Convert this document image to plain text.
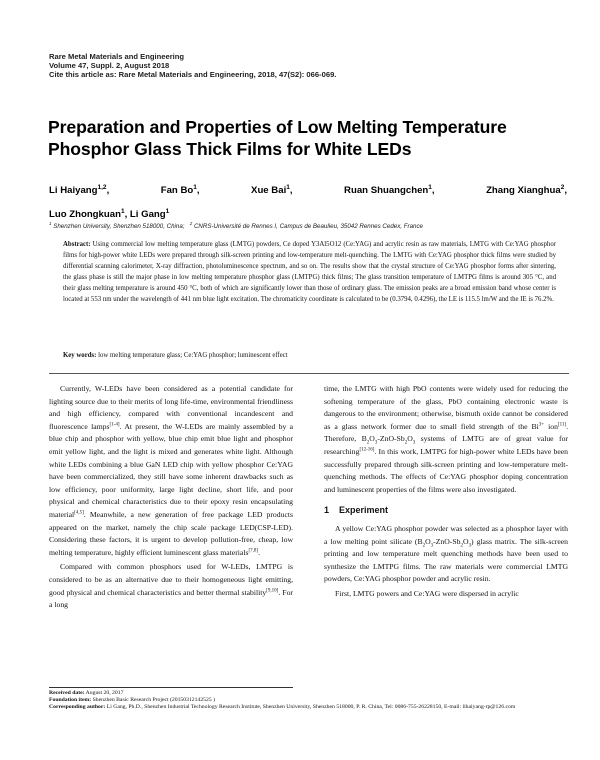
Rare Metal Materials and Engineering
Volume 47, Suppl. 2, August 2018
Cite this article as: Rare Metal Materials and Engineering, 2018, 47(S2): 066-069.
Preparation and Properties of Low Melting Temperature Phosphor Glass Thick Films for White LEDs
Li Haiyang$^{1,2}$,	Fan Bo$^1$,	Xue Bai$^1$,	Ruan Shuangchen$^1$,	Zhang Xianghua$^2$,
Luo Zhongkuan$^1$, Li Gang$^1$
$^1$ Shenzhen University, Shenzhen 518000, China; $^2$ CNRS-Université de Rennes I, Campus de Beaulieu, 35042 Rennes Cedex, France
Abstract: Using commercial low melting temperature glass (LMTG) powders, Ce doped Y3Al5O12 (Ce:YAG) and acrylic resin as raw materials, LMTG with Ce:YAG phosphor films for high-power white LEDs were prepared through silk-screen printing and low-temperature melt-quenching. The LMTG with Ce:YAG phosphor thick films were studied by differential scanning calorimeter, X-ray diffraction, photoluminescence spectrum, and so on. The results show that the crystal structure of Ce:YAG phosphor forms after sintering, the glass phase is still the major phase in low melting temperature phosphor glass (LMTPG) thick films; The glass transition temperature of LMTPG films is around 305 °C, and their glass melting temperature is around 450 °C, both of which are significantly lower than those of ordinary glass. The emission peaks are a broad emission band whose center is located at 553 nm under the wavelength of 441 nm blue light excitation. The chromaticity coordinate is calculated to be (0.3794, 0.4296), the LE is 115.5 lm/W and the IE is 76.2%.
Key words: low melting temperature glass; Ce:YAG phosphor; luminescent effect

Currently, W-LEDs have been considered as a potential candidate for lighting source due to their merits of long life-time, environmental friendliness and high efficiency, compared with conventional incandescent and fluorescence lamps[1-4]. At present, the W-LEDs are mainly assembled by a blue chip and phosphor with yellow, blue chip emit blue light and phosphor emit yellow light, and the light is mixed and generates white light. Although white LEDs combining a blue GaN LED chip with yellow phosphor Ce:YAG have been commercialized, they still have some inherent drawbacks such as low efficiency, poor uniformity, large light decline, short life, and poor physical and chemical characteristics due to their epoxy resin encapsulating material[4,5]. Meanwhile, a new generation of free package LED products appeared on the market, namely the chip scale package LED(CSP-LED). Considering these factors, it is urgent to develop pollution-free, cheap, low melting temperature, highly efficient luminescent glass materials[7,8].

Compared with common phosphors used for W-LEDs, LMTPG is considered to be as an alternative due to their homogeneous light emitting, good physical and chemical characteristics and better thermal stability[9,10]. For a long

time, the LMTG with high PbO contents were widely used for reducing the softening temperature of the glass, PbO containing electronic waste is dangerous to the environment; otherwise, bismuth oxide cannot be considered as a glass network former due to small field strength of the $Bi^{3+}$ ion[11]. Therefore, $B_2O_3-ZnO-Sb_2O_3$ systems of LMTG are of great value for researching[12-16]. In this work, LMTPG for high-power white LEDs have been successfully prepared through silk-screen printing and low-temperature melt-quenching methods. The effects of Ce:YAG phosphor doping concentration and luminescent properties of the films were also investigated.

1 Experiment

A yellow Ce:YAG phosphor powder was selected as a phosphor layer with a low melting point silicate $(B_2O_3-ZnO-Sb_2O_3)$ glass matrix. The silk-screen printing and low temperature melt quenching methods have been used to synthesize the LMTPG films. The raw materials were commercial LMTG powders, Ce:YAG phosphor powder and acrylic resin.

First, LMTG powers and Ce:YAG were dispersed in acrylic

Received date: August 20, 2017
Foundation item: Shenzhen Basic Research Project (20150312142525 )
Corresponding author: Li Gang, Ph.D., Shenzhen Industrial Technology Research Institute, Shenzhen University, Shenzhen 518000, P. R. China, Tel: 0086-755-26228150, E-mail: lihaiyang-rp@126.com
